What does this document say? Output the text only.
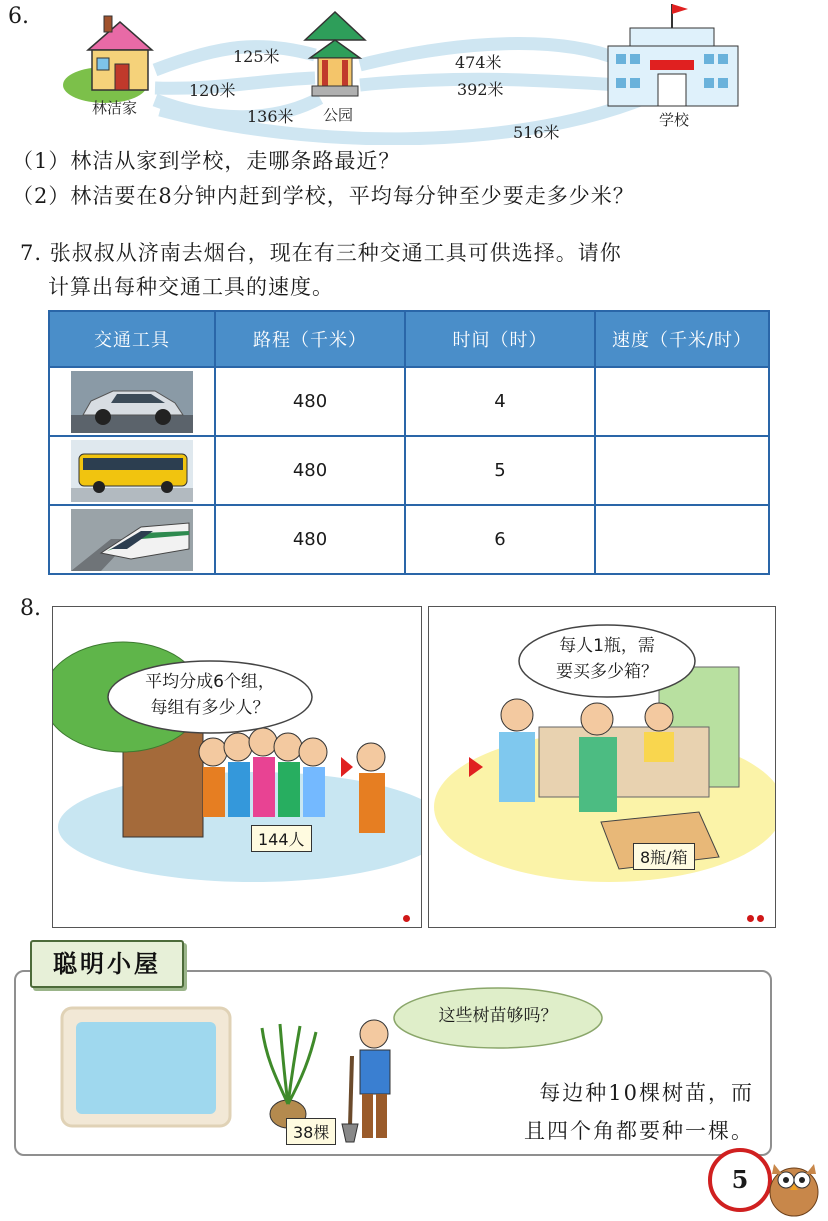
6.
125米
120米
136米
474米
392米
516米
林洁家	公园	学校
（1）林洁从家到学校，走哪条路最近？
（2）林洁要在8分钟内赶到学校，平均每分钟至少要走多少米？
7. 张叔叔从济南去烟台，现在有三种交通工具可供选择。请你
计算出每种交通工具的速度。
交通工具	路程（千米）	时间（时）	速度（千米/时）

	480	4	

	480	5	

	480	6	
8.
平均分成6个组，
每组有多少人？
144人
每人1瓶，需
要买多少箱？
8瓶/箱
聪明小屋
38棵
这些树苗够吗？
每边种10棵树苗，而
且四个角都要种一棵。
5
